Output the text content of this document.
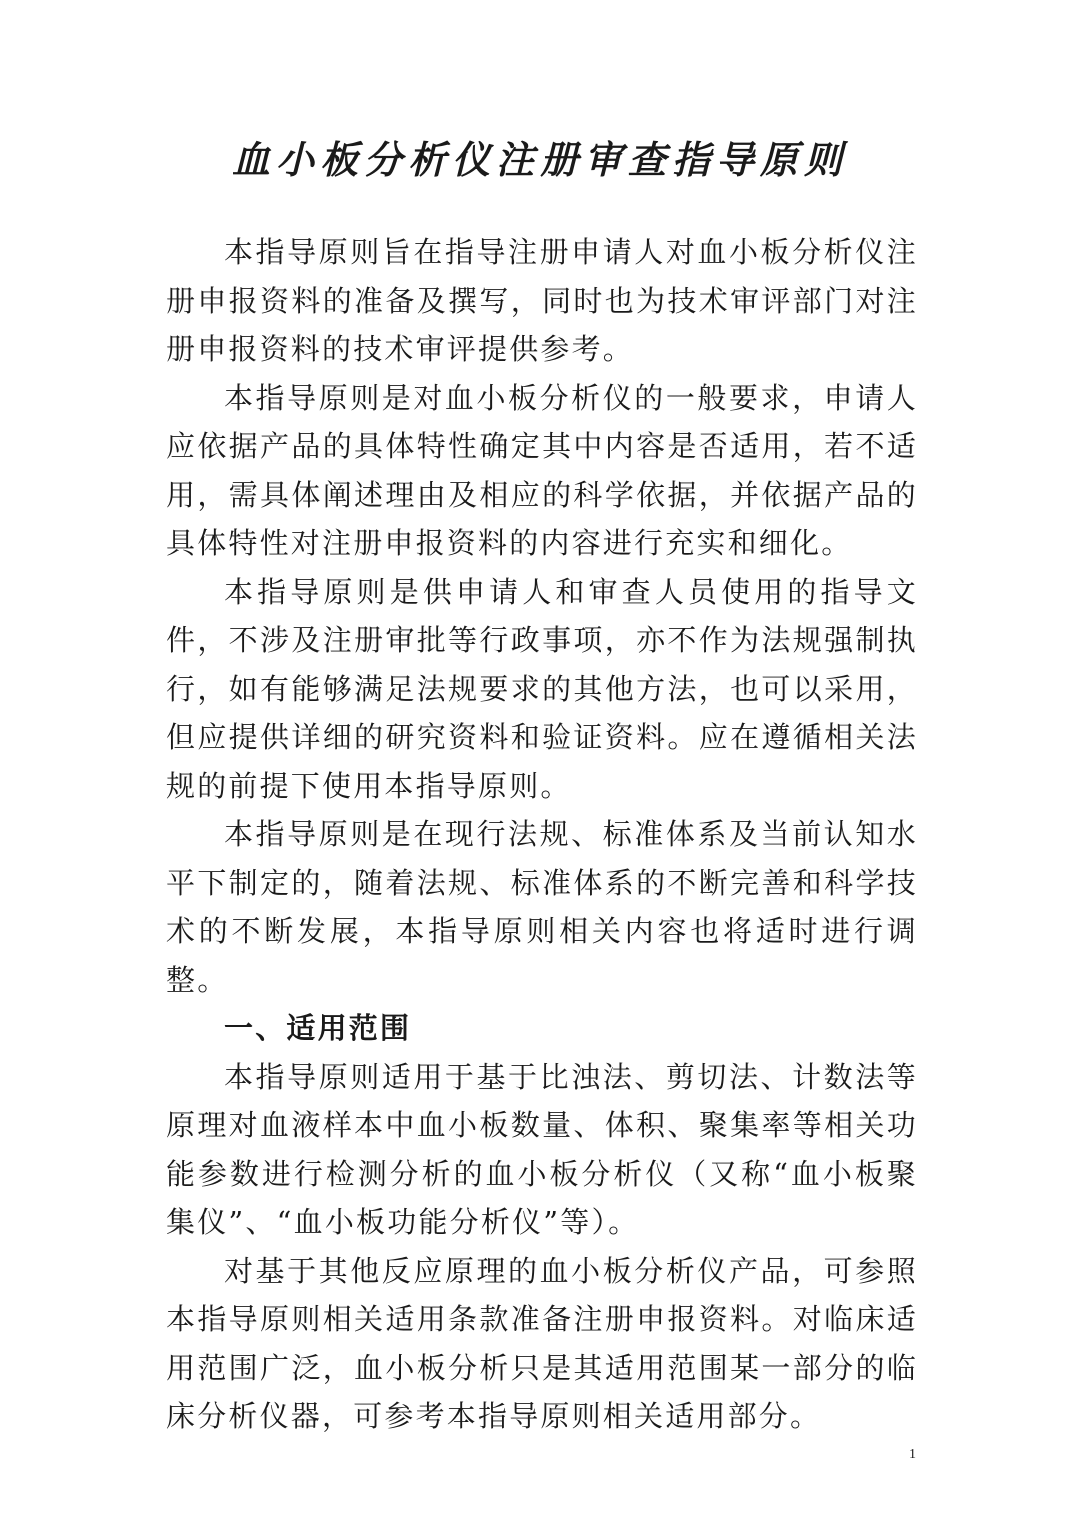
血小板分析仪注册审查指导原则

本指导原则旨在指导注册申请人对血小板分析仪注册申报资料的准备及撰写，同时也为技术审评部门对注册申报资料的技术审评提供参考。

本指导原则是对血小板分析仪的一般要求，申请人应依据产品的具体特性确定其中内容是否适用，若不适用，需具体阐述理由及相应的科学依据，并依据产品的具体特性对注册申报资料的内容进行充实和细化。

本指导原则是供申请人和审查人员使用的指导文件，不涉及注册审批等行政事项，亦不作为法规强制执行，如有能够满足法规要求的其他方法，也可以采用，但应提供详细的研究资料和验证资料。应在遵循相关法规的前提下使用本指导原则。

本指导原则是在现行法规、标准体系及当前认知水平下制定的，随着法规、标准体系的不断完善和科学技术的不断发展，本指导原则相关内容也将适时进行调整。

一、适用范围

本指导原则适用于基于比浊法、剪切法、计数法等原理对血液样本中血小板数量、体积、聚集率等相关功能参数进行检测分析的血小板分析仪（又称“血小板聚集仪”、“血小板功能分析仪”等）。

对基于其他反应原理的血小板分析仪产品，可参照本指导原则相关适用条款准备注册申报资料。对临床适用范围广泛，血小板分析只是其适用范围某一部分的临床分析仪器，可参考本指导原则相关适用部分。

1
